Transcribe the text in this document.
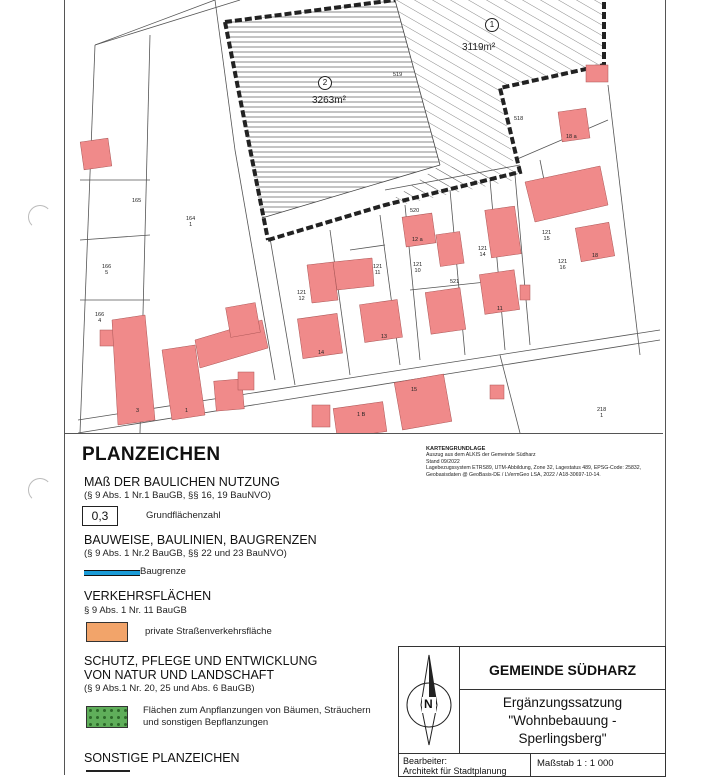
1
3119m²
2
3263m²
519
518
165
164
1
166
5
166
4
520
521
121
15
121
14
121
16
121
11
121
10
121
12
218
1
18 a
12 a
18
14
13
11
15
1 B
3	1
PLANZEICHEN
MAß DER BAULICHEN NUTZUNG
(§ 9 Abs. 1 Nr.1 BauGB, §§ 16, 19 BauNVO)
0,3	Grundflächenzahl
BAUWEISE, BAULINIEN, BAUGRENZEN
(§ 9 Abs. 1 Nr.2 BauGB, §§ 22 und 23 BauNVO)
Baugrenze
VERKEHRSFLÄCHEN
§ 9 Abs. 1 Nr. 11 BauGB
private Straßenverkehrsfläche
SCHUTZ, PFLEGE UND ENTWICKLUNG
VON NATUR UND LANDSCHAFT
(§ 9 Abs.1 Nr. 20, 25 und Abs. 6 BauGB)
Flächen zum Anpflanzungen von Bäumen, Sträuchern
und sonstigen Bepflanzungen
SONSTIGE PLANZEICHEN
KARTENGRUNDLAGE
Auszug aus dem ALKIS der Gemeinde Südharz
Stand 09/2022
Lagebezugssystem ETRS89, UTM-Abbildung, Zone 32, Lagestatus 489, EPSG-Code: 25832,
Geobasisdaten @ GeoBasis-DE / LVermGeo LSA, 2022 / A18-30697-10-14.
N
GEMEINDE SÜDHARZ
Ergänzungssatzung
"Wohnbebauung -
Sperlingsberg"
Bearbeiter:
Architekt für Stadtplanung
Maßstab 1 : 1 000
